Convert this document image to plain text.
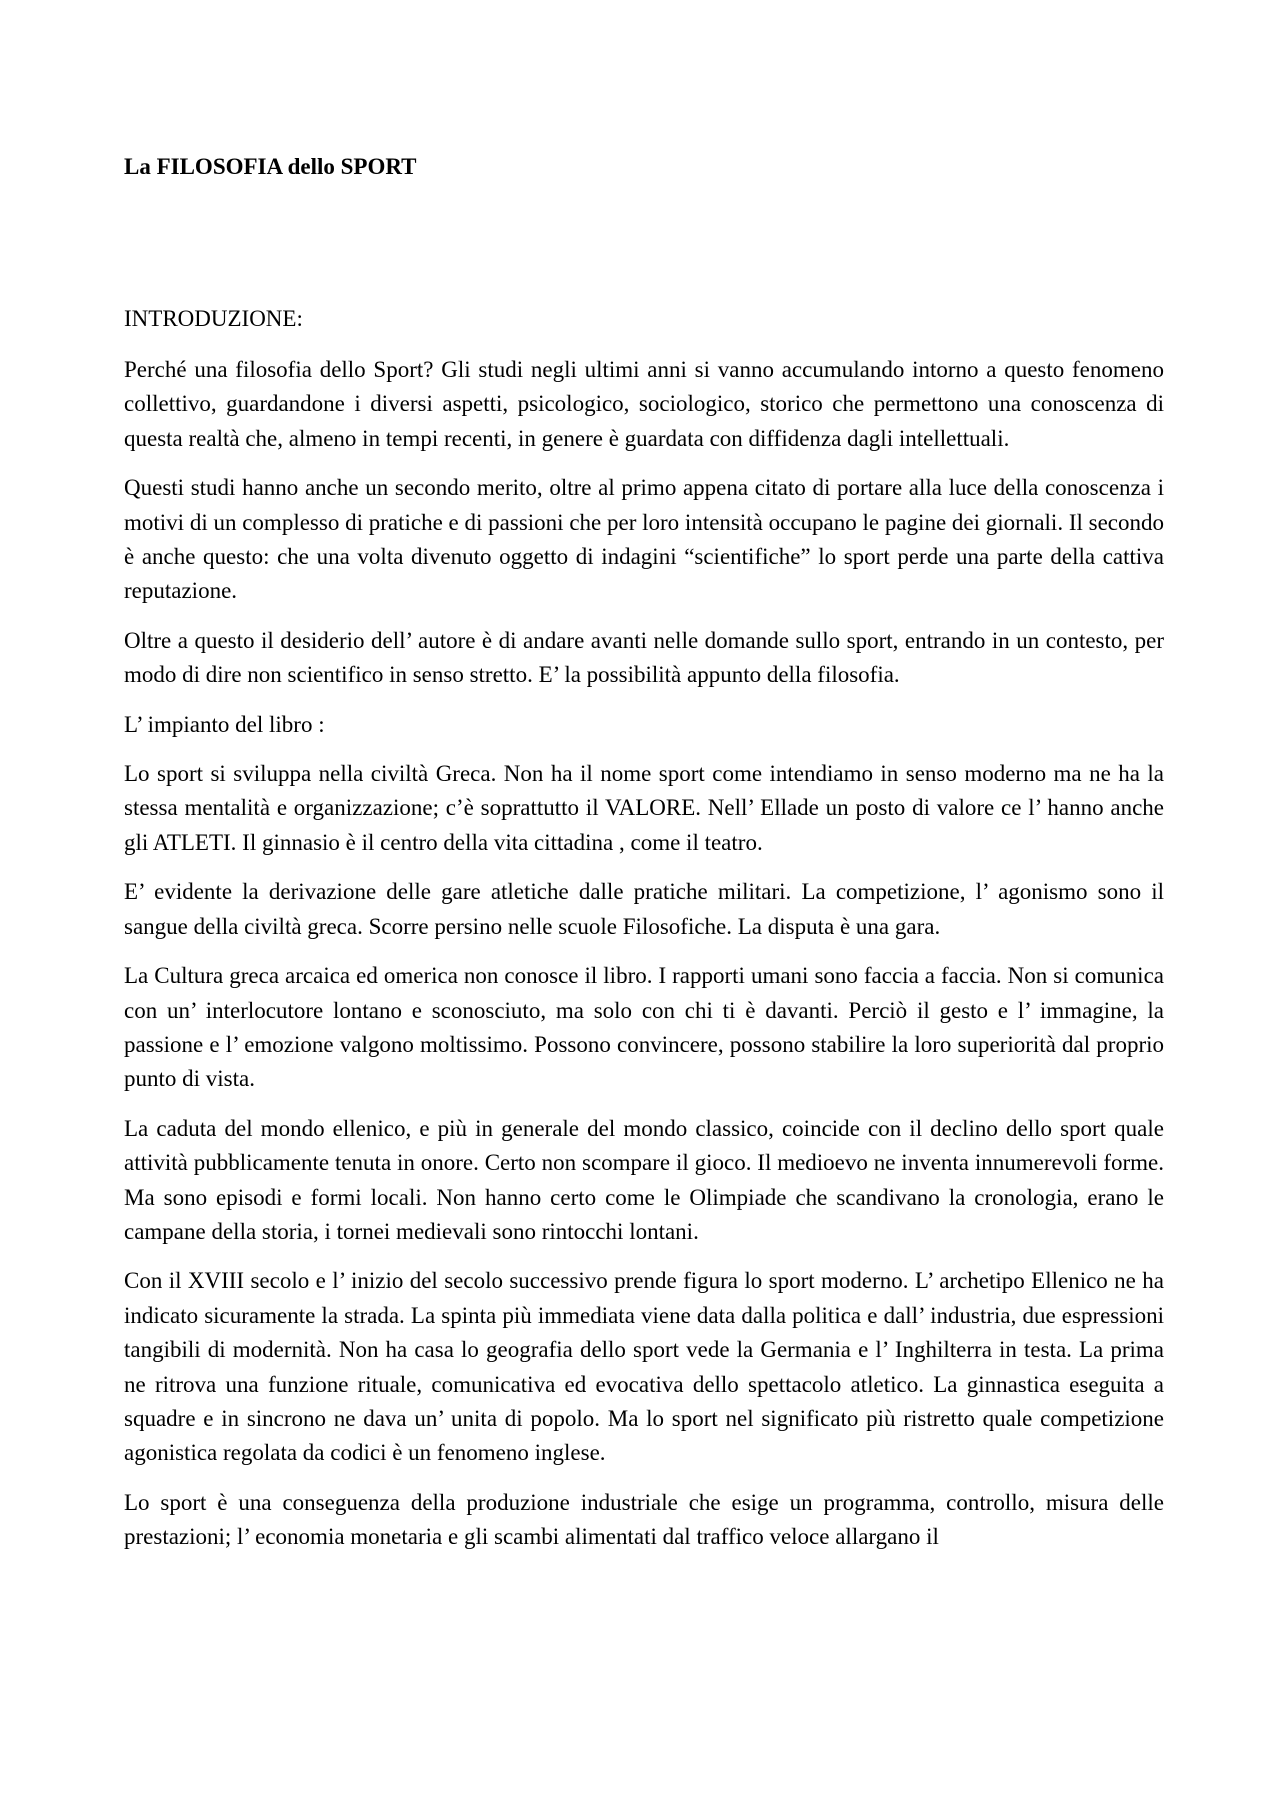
La FILOSOFIA dello SPORT
INTRODUZIONE:

Perché una filosofia dello Sport? Gli studi negli ultimi anni si vanno accumulando intorno a questo fenomeno collettivo, guardandone i diversi aspetti, psicologico, sociologico, storico che permettono una conoscenza di questa realtà che, almeno in tempi recenti, in genere è guardata con diffidenza dagli intellettuali.

Questi studi hanno anche un secondo merito, oltre al primo appena citato di portare alla luce della conoscenza i motivi di un complesso di pratiche e di passioni che per loro intensità occupano le pagine dei giornali. Il secondo è anche questo: che una volta divenuto oggetto di indagini “scientifiche” lo sport perde una parte della cattiva reputazione.

Oltre a questo il desiderio dell’ autore è di andare avanti nelle domande sullo sport, entrando in un contesto, per modo di dire non scientifico in senso stretto. E’ la possibilità appunto della filosofia.

L’ impianto del libro :

Lo sport si sviluppa nella civiltà Greca. Non ha il nome sport come intendiamo in senso moderno ma ne ha la stessa mentalità e organizzazione; c’è soprattutto il VALORE. Nell’ Ellade un posto di valore ce l’ hanno anche gli ATLETI. Il ginnasio è il centro della vita cittadina , come il teatro.

E’ evidente la derivazione delle gare atletiche dalle pratiche militari. La competizione, l’ agonismo sono il sangue della civiltà greca. Scorre persino nelle scuole Filosofiche. La disputa è una gara.

La Cultura greca arcaica ed omerica non conosce il libro. I rapporti umani sono faccia a faccia. Non si comunica con un’ interlocutore lontano e sconosciuto, ma solo con chi ti è davanti. Perciò il gesto e l’ immagine, la passione e l’ emozione valgono moltissimo. Possono convincere, possono stabilire la loro superiorità dal proprio punto di vista.

La caduta del mondo ellenico, e più in generale del mondo classico, coincide con il declino dello sport quale attività pubblicamente tenuta in onore. Certo non scompare il gioco. Il medioevo ne inventa innumerevoli forme. Ma sono episodi e formi locali. Non hanno certo come le Olimpiade che scandivano la cronologia, erano le campane della storia, i tornei medievali sono rintocchi lontani.

Con il XVIII secolo e l’ inizio del secolo successivo prende figura lo sport moderno. L’ archetipo Ellenico ne ha indicato sicuramente la strada. La spinta più immediata viene data dalla politica e dall’ industria, due espressioni tangibili di modernità. Non ha casa lo geografia dello sport vede la Germania e l’ Inghilterra in testa. La prima ne ritrova una funzione rituale, comunicativa ed evocativa dello spettacolo atletico. La ginnastica eseguita a squadre e in sincrono ne dava un’ unita di popolo. Ma lo sport nel significato più ristretto quale competizione agonistica regolata da codici è un fenomeno inglese.

Lo sport è una conseguenza della produzione industriale che esige un programma, controllo, misura delle prestazioni; l’ economia monetaria e gli scambi alimentati dal traffico veloce allargano il
